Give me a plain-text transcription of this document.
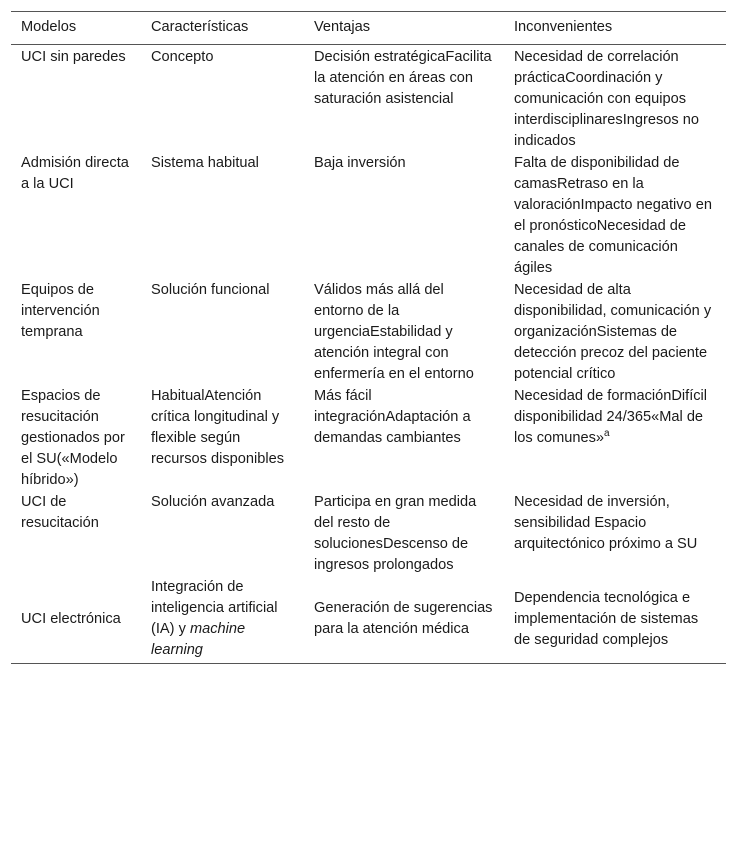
Modelos	Características	Ventajas	Inconvenientes
UCI sin paredes	Concepto	Decisión estratégicaFacilita la atención en áreas con saturación asistencial	Necesidad de correlación prácticaCoordinación y comunicación con equipos interdisciplinaresIngresos no indicados
Admisión directa a la UCI	Sistema habitual	Baja inversión	Falta de disponibilidad de camasRetraso en la valoraciónImpacto negativo en el pronósticoNecesidad de canales de comunicación ágiles
Equipos de intervención temprana	Solución funcional	Válidos más allá del entorno de la urgenciaEstabilidad y atención integral con enfermería en el entorno	Necesidad de alta disponibilidad, comunicación y organizaciónSistemas de detección precoz del paciente potencial crítico
Espacios de resucitación gestionados por el SU(«Modelo híbrido»)	HabitualAtención crítica longitudinal y flexible según recursos disponibles	Más fácil integraciónAdaptación a demandas cambiantes	Necesidad de formaciónDifícil disponibilidad 24/365«Mal de los comunes»$^a$
UCI de resucitación	Solución avanzada	Participa en gran medida del resto de solucionesDescenso de ingresos prolongados	Necesidad de inversión, sensibilidad Espacio arquitectónico próximo a SU
UCI electrónica	Integración de inteligencia artificial (IA) y machine learning	Generación de sugerencias para la atención médica	Dependencia tecnológica e implementación de sistemas de seguridad complejos
